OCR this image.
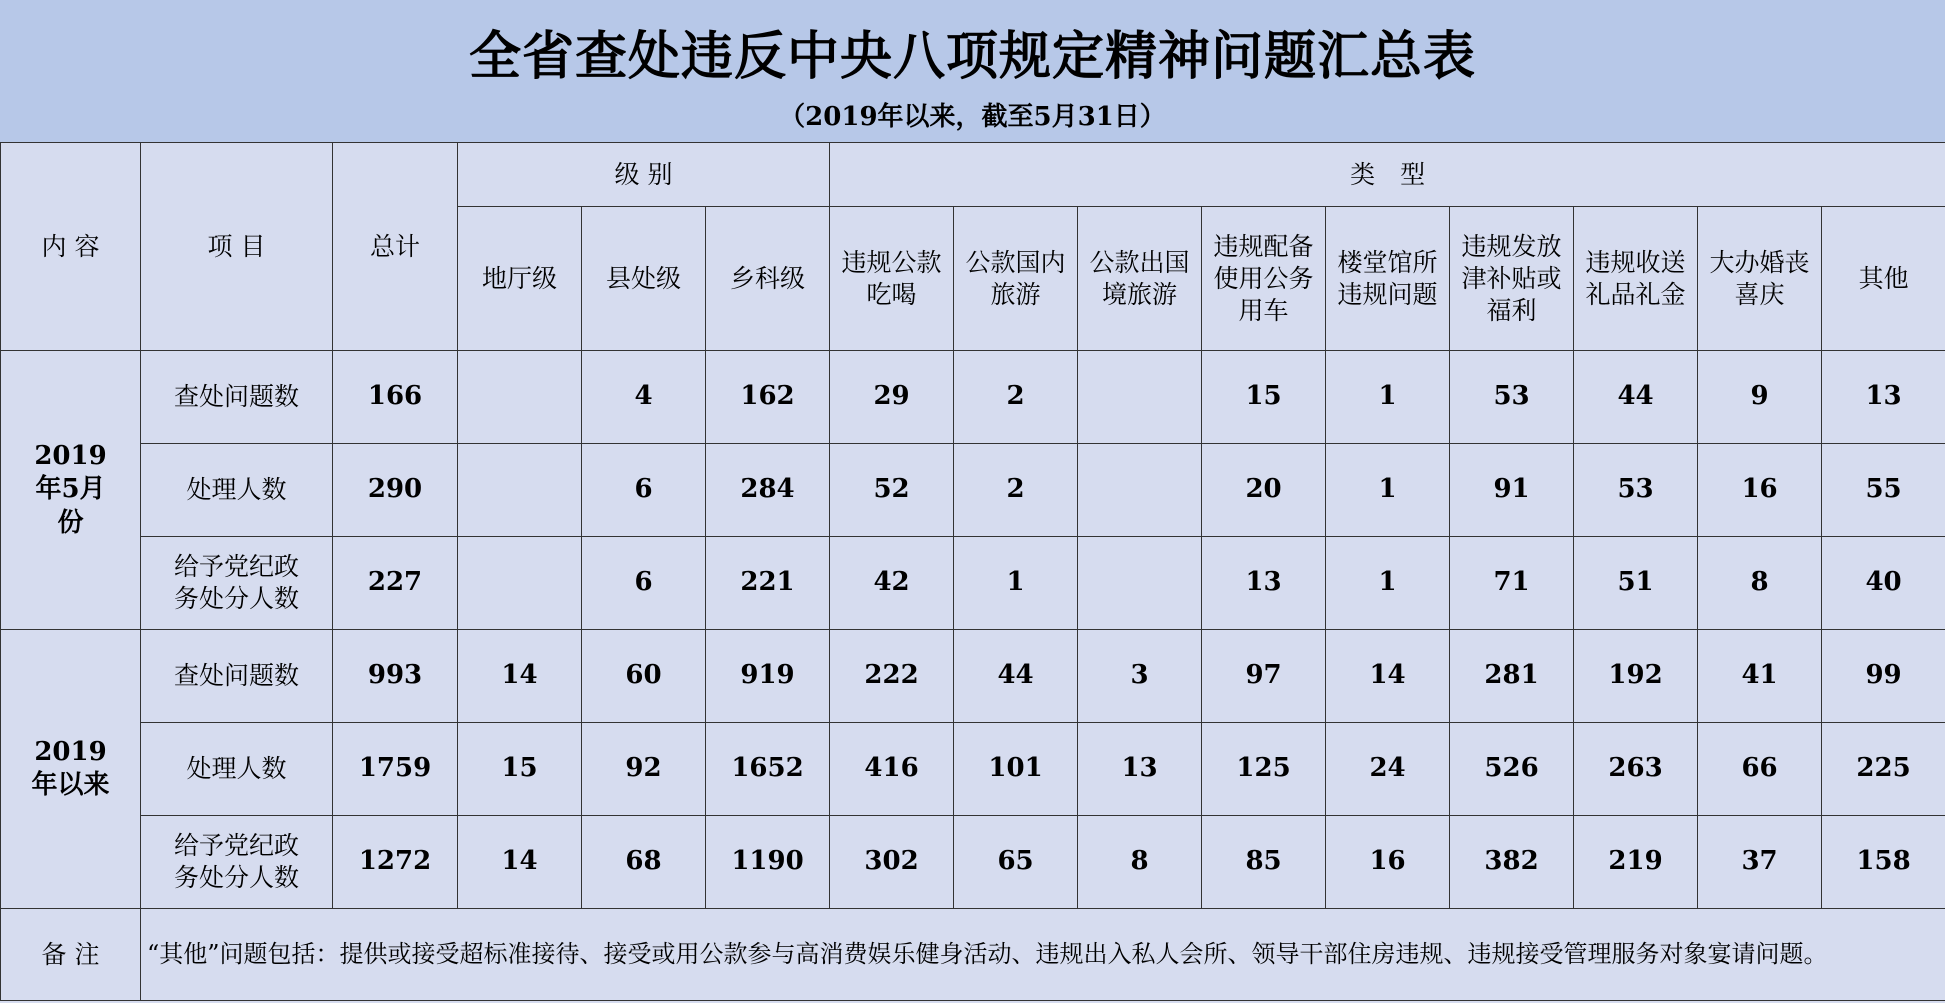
全省查处违反中央八项规定精神问题汇总表
（2019年以来，截至5月31日）
内 容	项 目	总计	级 别			类　型								
			地厅级	县处级	乡科级	违规公款吃喝	公款国内旅游	公款出国境旅游	违规配备使用公务用车	楼堂馆所违规问题	违规发放津补贴或福利	违规收送礼品礼金	大办婚丧喜庆	其他
2019年5月份	查处问题数	166		4	162	29	2		15	1	53	44	9	13
	处理人数	290		6	284	52	2		20	1	91	53	16	55
	给予党纪政务处分人数	227		6	221	42	1		13	1	71	51	8	40
2019年以来	查处问题数	993	14	60	919	222	44	3	97	14	281	192	41	99
	处理人数	1759	15	92	1652	416	101	13	125	24	526	263	66	225
	给予党纪政务处分人数	1272	14	68	1190	302	65	8	85	16	382	219	37	158
备 注	“其他”问题包括：提供或接受超标准接待、接受或用公款参与高消费娱乐健身活动、违规出入私人会所、领导干部住房违规、违规接受管理服务对象宴请问题。													
